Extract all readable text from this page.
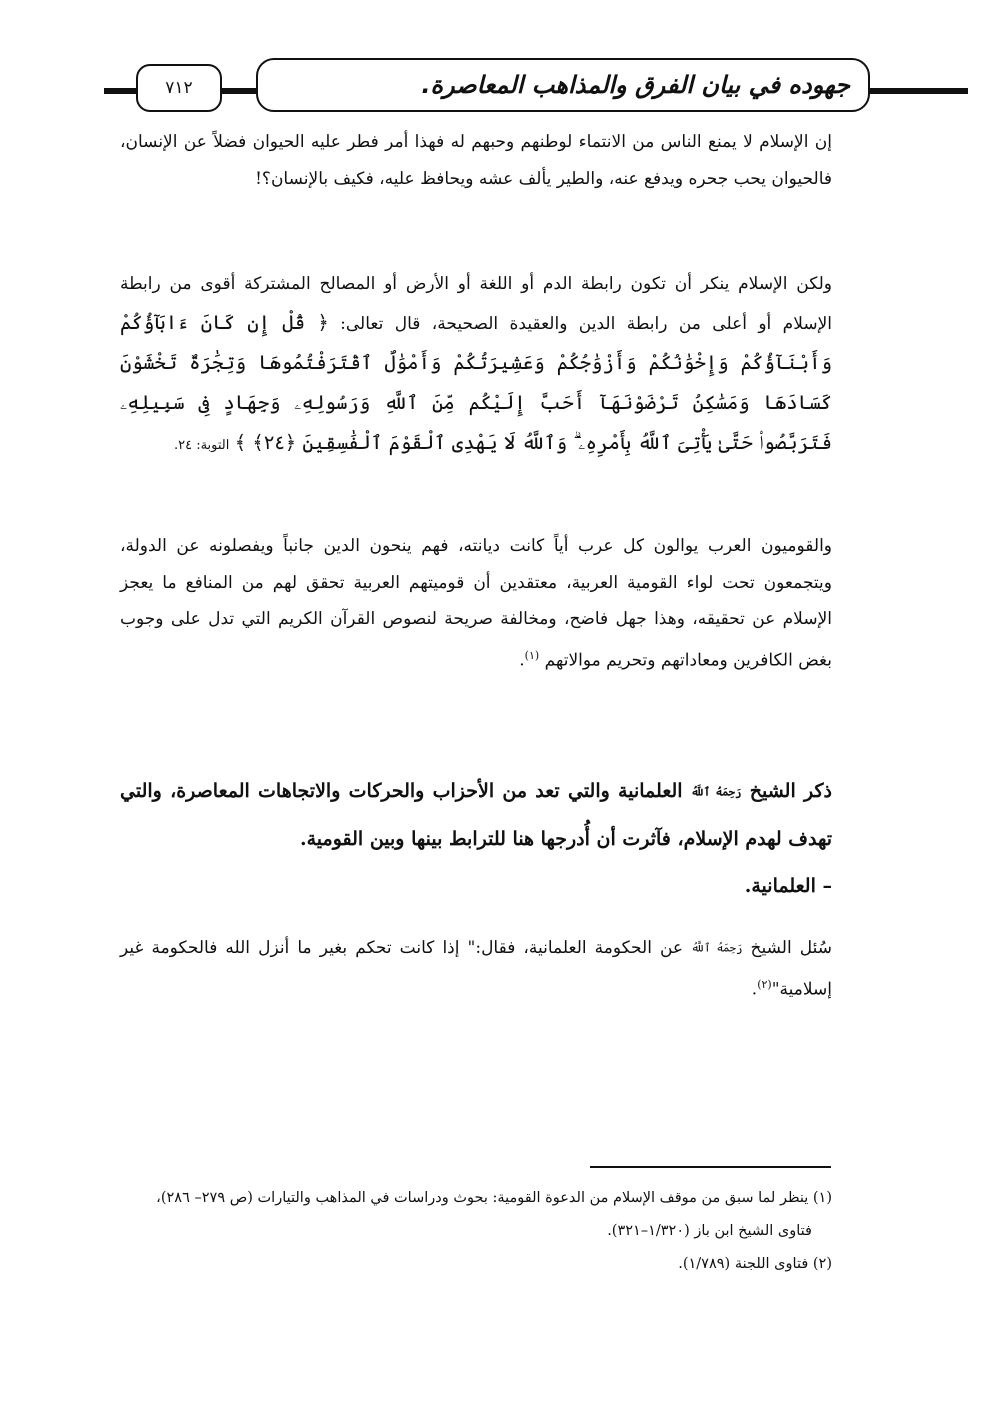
٧١٢	جهوده في بيان الفرق والمذاهب المعاصرة.

إن الإسلام لا يمنع الناس من الانتماء لوطنهم وحبهم له فهذا أمر فطر عليه الحيوان فضلاً عن الإنسان، فالحيوان يحب جحره ويدفع عنه، والطير يألف عشه ويحافظ عليه، فكيف بالإنسان؟!

ولكن الإسلام ينكر أن تكون رابطة الدم أو اللغة أو الأرض أو المصالح المشتركة أقوى من رابطة الإسلام أو أعلى من رابطة الدين والعقيدة الصحيحة، قال تعالى: ﴿ قُلْ إِن كَانَ ءَابَآؤُكُمْ وَأَبْنَآؤُكُمْ وَإِخْوَٰنُكُمْ وَأَزْوَٰجُكُمْ وَعَشِيرَتُكُمْ وَأَمْوَٰلٌ ٱقْتَرَفْتُمُوهَا وَتِجَٰرَةٌ تَخْشَوْنَ كَسَادَهَا وَمَسَٰكِنُ تَرْضَوْنَهَآ أَحَبَّ إِلَيْكُم مِّنَ ٱللَّهِ وَرَسُولِهِۦ وَجِهَادٍ فِى سَبِيلِهِۦ فَتَرَبَّصُوا۟ حَتَّىٰ يَأْتِىَ ٱللَّهُ بِأَمْرِهِۦ ۗ وَٱللَّهُ لَا يَهْدِى ٱلْقَوْمَ ٱلْفَٰسِقِينَ ﴿٢٤﴾ ﴾ التوبة: ٢٤.

والقوميون العرب يوالون كل عرب أياً كانت ديانته، فهم ينحون الدين جانباً ويفصلونه عن الدولة، ويتجمعون تحت لواء القومية العربية، معتقدين أن قوميتهم العربية تحقق لهم من المنافع ما يعجز الإسلام عن تحقيقه، وهذا جهل فاضح، ومخالفة صريحة لنصوص القرآن الكريم التي تدل على وجوب بغض الكافرين ومعاداتهم وتحريم موالاتهم $^{(١)}$.

ذكر الشيخ رَحِمَهُ ٱللَّهُ العلمانية والتي تعد من الأحزاب والحركات والاتجاهات المعاصرة، والتي تهدف لهدم الإسلام، فآثرت أن أُدرجها هنا للترابط بينها وبين القومية.

– العلمانية.

سُئل الشيخ رَحِمَهُ ٱللَّهُ عن الحكومة العلمانية، فقال:" إذا كانت تحكم بغير ما أنزل الله فالحكومة غير إسلامية"$^{(٢)}$.

(١) ينظر لما سبق من موقف الإسلام من الدعوة القومية: بحوث ودراسات في المذاهب والتيارات (ص ٢٧٩– ٢٨٦)،

فتاوى الشيخ ابن باز (١/٣٢٠–٣٢١).

(٢) فتاوى اللجنة (١/٧٨٩).
